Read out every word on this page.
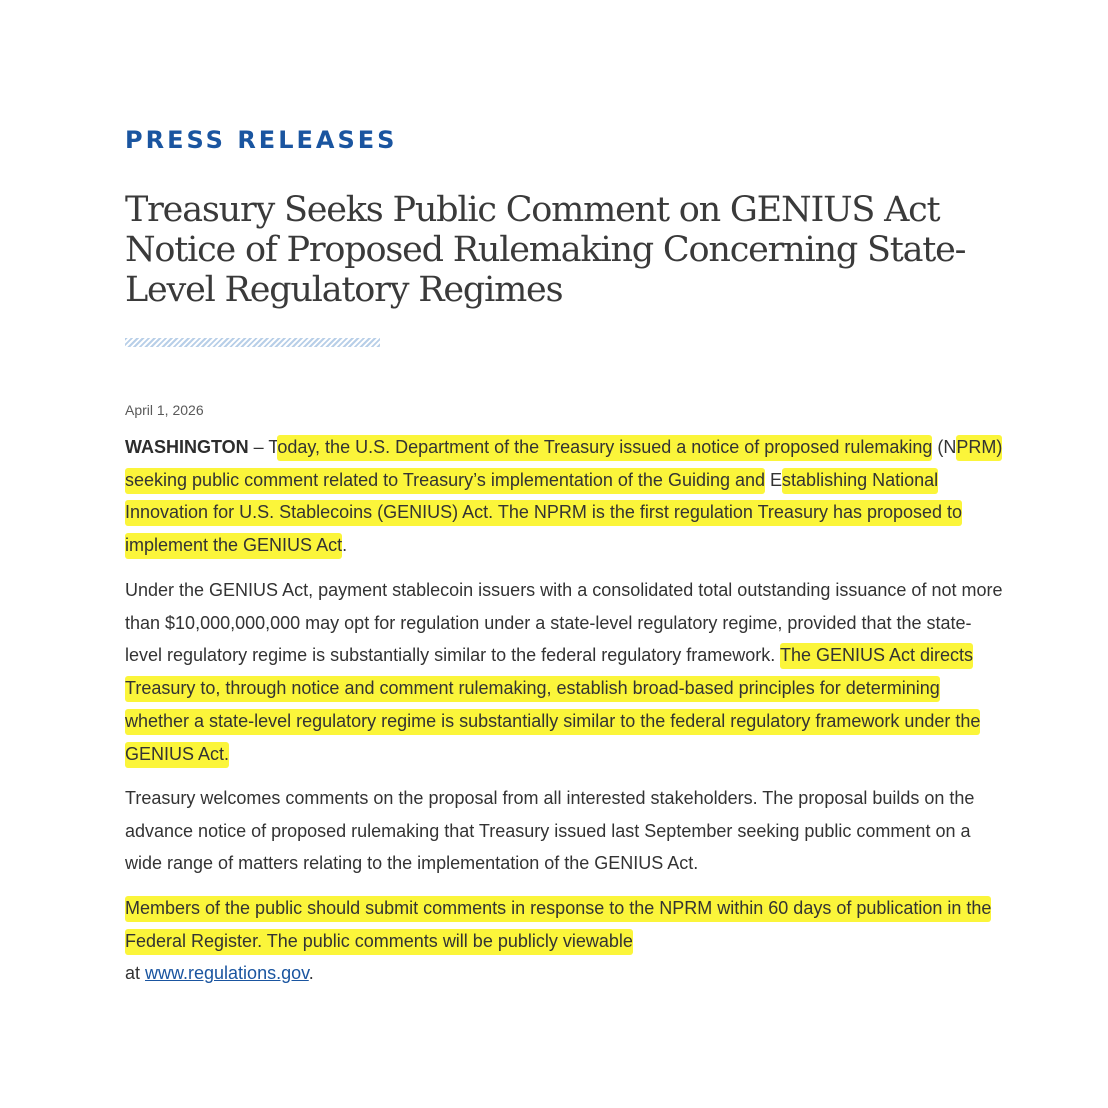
PRESS RELEASES
Treasury Seeks Public Comment on GENIUS Act Notice of Proposed Rulemaking Concerning State-Level Regulatory Regimes

April 1, 2026

WASHINGTON – Today, the U.S. Department of the Treasury issued a notice of proposed rulemaking (NPRM) seeking public comment related to Treasury’s implementation of the Guiding and Establishing National Innovation for U.S. Stablecoins (GENIUS) Act. The NPRM is the first regulation Treasury has proposed to implement the GENIUS Act.

Under the GENIUS Act, payment stablecoin issuers with a consolidated total outstanding issuance of not more than $10,000,000,000 may opt for regulation under a state-level regulatory regime, provided that the state-level regulatory regime is substantially similar to the federal regulatory framework. The GENIUS Act directs Treasury to, through notice and comment rulemaking, establish broad-based principles for determining whether a state-level regulatory regime is substantially similar to the federal regulatory framework under the GENIUS Act.

Treasury welcomes comments on the proposal from all interested stakeholders. The proposal builds on the advance notice of proposed rulemaking that Treasury issued last September seeking public comment on a wide range of matters relating to the implementation of the GENIUS Act.

Members of the public should submit comments in response to the NPRM within 60 days of publication in the Federal Register. The public comments will be publicly viewable
at www.regulations.gov.
